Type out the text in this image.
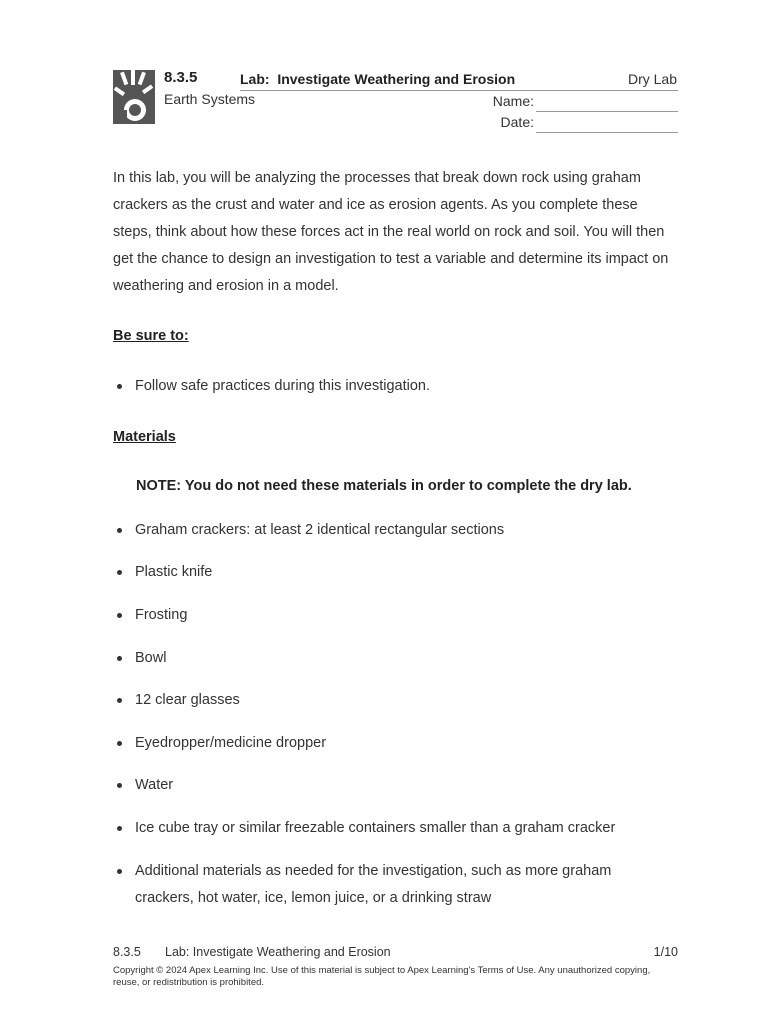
8.3.5	Lab:  Investigate Weathering and Erosion	Dry Lab
Earth Systems	Name:
Date:
In this lab, you will be analyzing the processes that break down rock using graham crackers as the crust and water and ice as erosion agents. As you complete these steps, think about how these forces act in the real world on rock and soil. You will then get the chance to design an investigation to test a variable and determine its impact on weathering and erosion in a model.
Be sure to:
Follow safe practices during this investigation.
Materials
NOTE: You do not need these materials in order to complete the dry lab.
Graham crackers: at least 2 identical rectangular sections
Plastic knife
Frosting
Bowl
12 clear glasses
Eyedropper/medicine dropper
Water
Ice cube tray or similar freezable containers smaller than a graham cracker
Additional materials as needed for the investigation, such as more graham crackers, hot water, ice, lemon juice, or a drinking straw
8.3.5 Lab: Investigate Weathering and Erosion	1/10
Copyright © 2024 Apex Learning Inc. Use of this material is subject to Apex Learning's Terms of Use. Any unauthorized copying, reuse, or redistribution is prohibited.
